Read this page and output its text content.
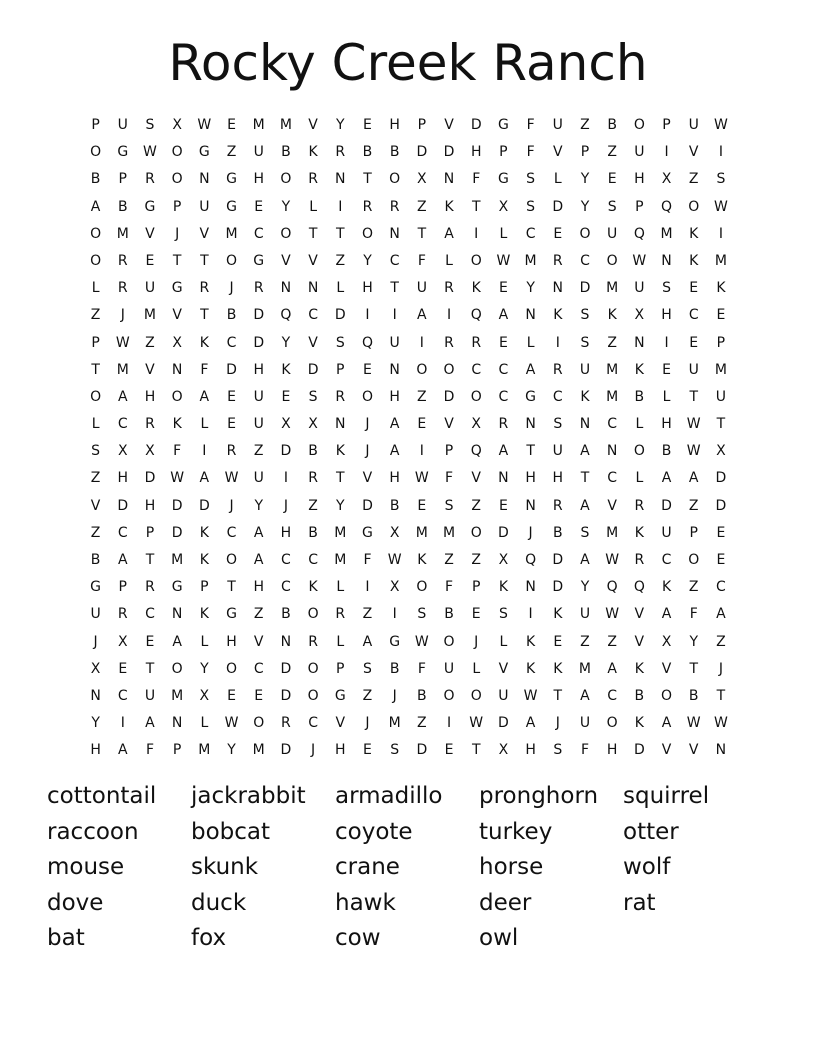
Rocky Creek Ranch
P	U	S	X	W	E	M	M	V	Y	E	H	P	V	D	G	F	U	Z	B	O	P	U	W
O	G	W	O	G	Z	U	B	K	R	B	B	D	D	H	P	F	V	P	Z	U	I	V	I
B	P	R	O	N	G	H	O	R	N	T	O	X	N	F	G	S	L	Y	E	H	X	Z	S
A	B	G	P	U	G	E	Y	L	I	R	R	Z	K	T	X	S	D	Y	S	P	Q	O	W
O	M	V	J	V	M	C	O	T	T	O	N	T	A	I	L	C	E	O	U	Q	M	K	I
O	R	E	T	T	O	G	V	V	Z	Y	C	F	L	O	W	M	R	C	O	W	N	K	M
L	R	U	G	R	J	R	N	N	L	H	T	U	R	K	E	Y	N	D	M	U	S	E	K
Z	J	M	V	T	B	D	Q	C	D	I	I	A	I	Q	A	N	K	S	K	X	H	C	E
P	W	Z	X	K	C	D	Y	V	S	Q	U	I	R	R	E	L	I	S	Z	N	I	E	P
T	M	V	N	F	D	H	K	D	P	E	N	O	O	C	C	A	R	U	M	K	E	U	M
O	A	H	O	A	E	U	E	S	R	O	H	Z	D	O	C	G	C	K	M	B	L	T	U
L	C	R	K	L	E	U	X	X	N	J	A	E	V	X	R	N	S	N	C	L	H	W	T
S	X	X	F	I	R	Z	D	B	K	J	A	I	P	Q	A	T	U	A	N	O	B	W	X
Z	H	D	W	A	W	U	I	R	T	V	H	W	F	V	N	H	H	T	C	L	A	A	D
V	D	H	D	D	J	Y	J	Z	Y	D	B	E	S	Z	E	N	R	A	V	R	D	Z	D
Z	C	P	D	K	C	A	H	B	M	G	X	M	M	O	D	J	B	S	M	K	U	P	E
B	A	T	M	K	O	A	C	C	M	F	W	K	Z	Z	X	Q	D	A	W	R	C	O	E
G	P	R	G	P	T	H	C	K	L	I	X	O	F	P	K	N	D	Y	Q	Q	K	Z	C
U	R	C	N	K	G	Z	B	O	R	Z	I	S	B	E	S	I	K	U	W	V	A	F	A
J	X	E	A	L	H	V	N	R	L	A	G	W	O	J	L	K	E	Z	Z	V	X	Y	Z
X	E	T	O	Y	O	C	D	O	P	S	B	F	U	L	V	K	K	M	A	K	V	T	J
N	C	U	M	X	E	E	D	O	G	Z	J	B	O	O	U	W	T	A	C	B	O	B	T
Y	I	A	N	L	W	O	R	C	V	J	M	Z	I	W	D	A	J	U	O	K	A	W W
H	A	F	P	M	Y	M	D	J	H	E	S	D	E	T	X	H	S	F	H	D	V	V	N
cottontail	jackrabbit	armadillo	pronghorn	squirrel
raccoon	bobcat	coyote	turkey	otter
mouse	skunk	crane	horse	wolf
dove	duck	hawk	deer	rat
bat	fox	cow	owl
